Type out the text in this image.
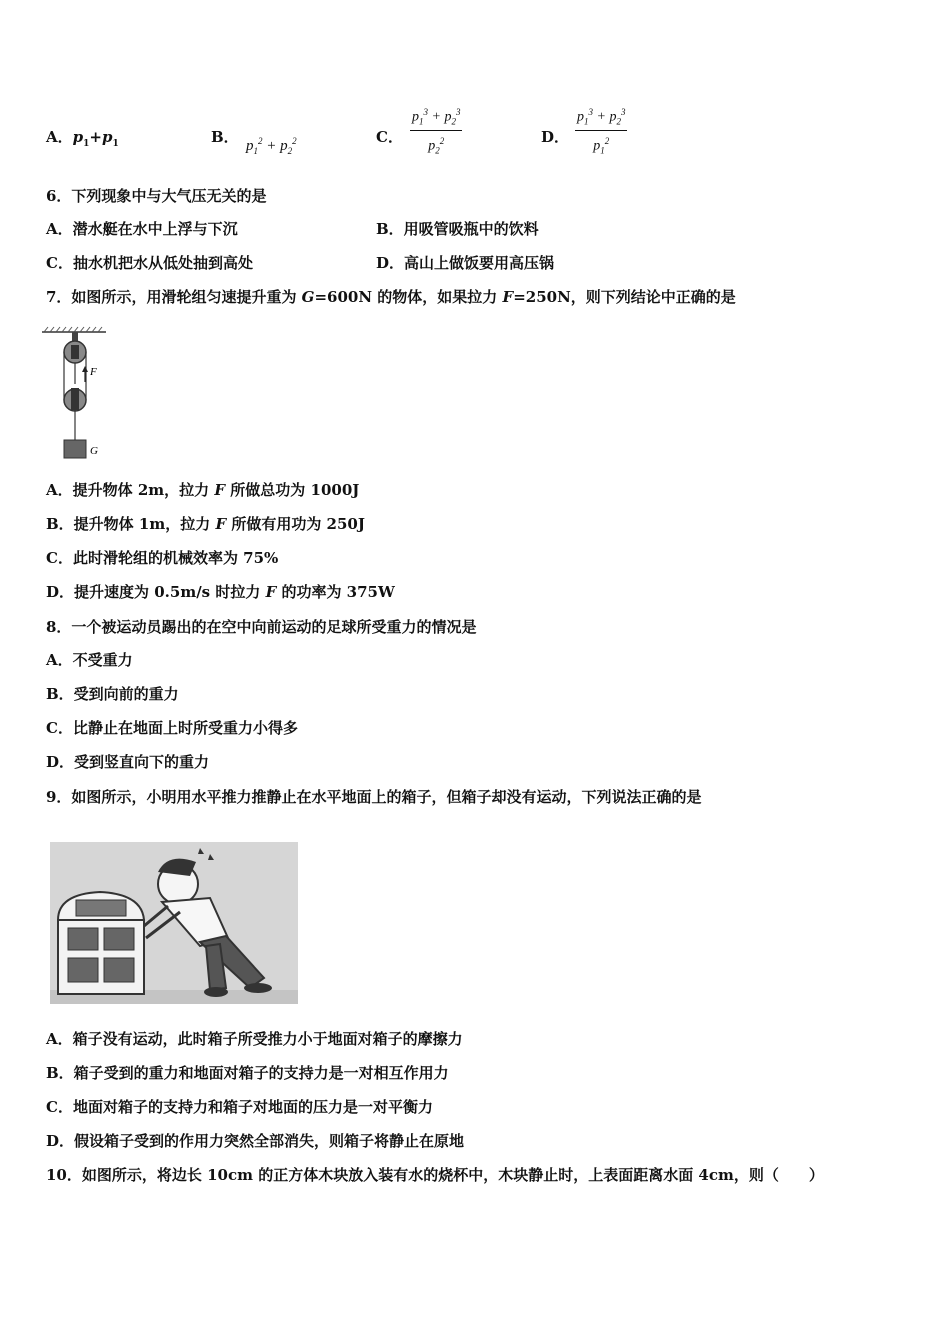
A．$p_1+p_1$	B． $p_1^2 + p_2^2$	C． $\frac{p_1^3 + p_2^3}{p_2^2}$	D． $\frac{p_1^3 + p_2^3}{p_1^2}$
6．下列现象中与大气压无关的是
A．潜水艇在水中上浮与下沉	B．用吸管吸瓶中的饮料
C．抽水机把水从低处抽到高处	D．高山上做饭要用高压锅
7．如图所示，用滑轮组匀速提升重为 G=600N 的物体，如果拉力 F=250N，则下列结论中正确的是
F
G
A．提升物体 2m，拉力 F 所做总功为 1000J
B．提升物体 1m，拉力 F 所做有用功为 250J
C．此时滑轮组的机械效率为 75%
D．提升速度为 0.5m/s 时拉力 F 的功率为 375W
8．一个被运动员踢出的在空中向前运动的足球所受重力的情况是
A．不受重力
B．受到向前的重力
C．比静止在地面上时所受重力小得多
D．受到竖直向下的重力
9．如图所示，小明用水平推力推静止在水平地面上的箱子，但箱子却没有运动，下列说法正确的是
A．箱子没有运动，此时箱子所受推力小于地面对箱子的摩擦力
B．箱子受到的重力和地面对箱子的支持力是一对相互作用力
C．地面对箱子的支持力和箱子对地面的压力是一对平衡力
D．假设箱子受到的作用力突然全部消失，则箱子将静止在原地
10．如图所示，将边长 10cm 的正方体木块放入装有水的烧杯中，木块静止时，上表面距离水面 4cm，则（　　）
